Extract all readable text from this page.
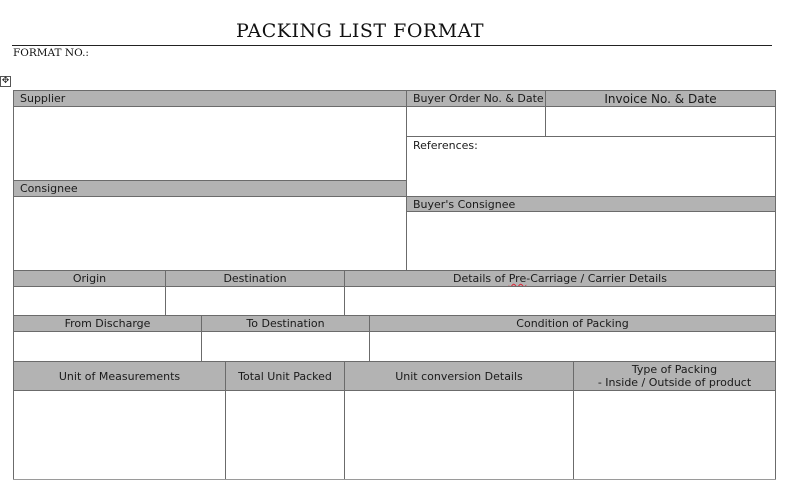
PACKING LIST FORMAT
FORMAT NO.:
✥
Supplier	Buyer Order No. & Date	Invoice No. & Date
References:
Consignee
Buyer's Consignee
Origin	Destination	Details of Pre-Carriage / Carrier Details
From Discharge	To Destination	Condition of Packing
Unit of Measurements	Total Unit Packed	Unit conversion Details	Type of Packing
- Inside / Outside of product
